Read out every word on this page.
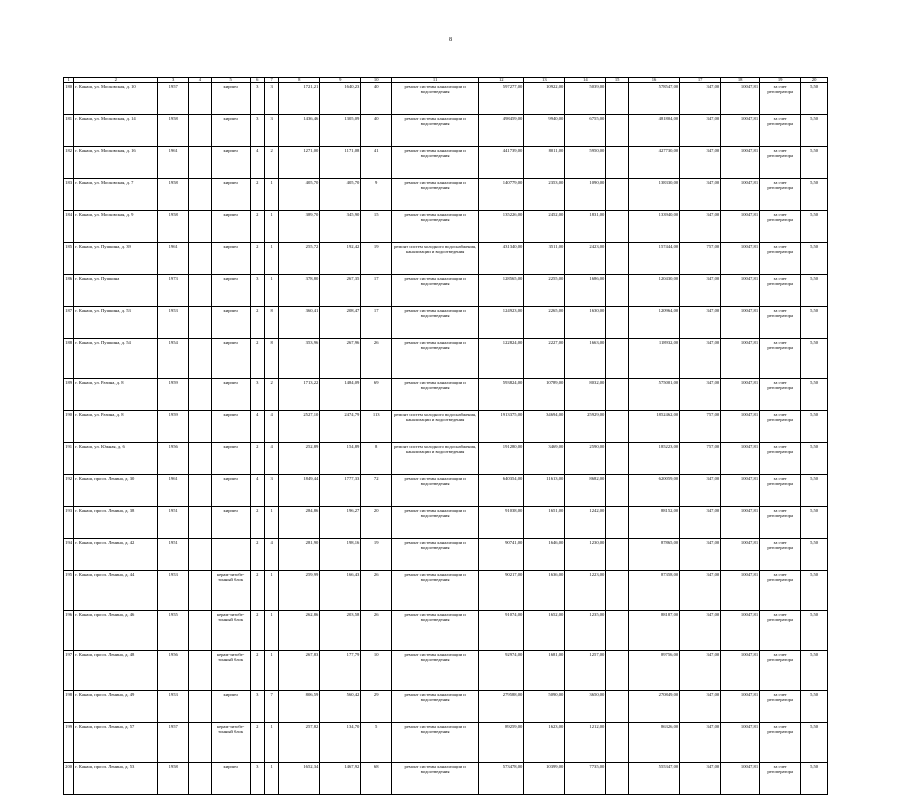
8
1	2	3	4	5	6	7	8	9	10	11	12	13	14	15	16	17	18	19	20
180	г. Канаш, ул. Московская, д. 10	1957		кирпич	3	3	1721,21	1640,23	40	ремонт системы канализации и водоотведения	597277,00	10922,00	5039,00		578547,00	347,00	10047,81	за счет регоператора	5,50
181	г. Канаш, ул. Московская, д. 14	1958		кирпич	3	3	1436,46	1305,09	40	ремонт системы канализации и водоотведения	498459,00	9940,00	6755,00		481804,00	347,00	10047,81	за счет регоператора	5,50
182	г. Канаш, ул. Московская, д. 16	1961		кирпич	4	2	1271,00	1171,08	41	ремонт системы канализации и водоотведения	441739,00	8011,00	5950,00		427730,00	347,00	10047,81	за счет регоператора	5,50
183	г. Канаш, ул. Московская, д. 7	1958		кирпич	2	1	405,70	405,70	9	ремонт системы канализации и водоотведения	140779,00	2353,00	1090,00		138330,00	347,00	10047,81	за счет регоператора	5,50
184	г. Канаш, ул. Московская, д. 9	1958		кирпич	2	1	389,70	345,90	15	ремонт системы канализации и водоотведения	135226,00	2452,00	1831,00		133940,00	347,00	10047,81	за счет регоператора	5,50
185	г. Канаш, ул. Пушкина, д. 39	1961		кирпич	2	1	255,72	192,42	19	ремонт систем холодного водоснабжения, канализации и водоотведения	431340,00	3511,00	2423,00		157444,00	757,00	10047,81	за счет регоператора	5,50
186	г. Канаш, ул. Пушкина	1973		кирпич	3	1	378,80	267,35	17	ремонт системы канализации и водоотведения	128565,00	2255,00	1686,00		120430,00	347,00	10047,81	за счет регоператора	5,50
187	г. Канаш, ул. Пушкина, д. 53	1953		кирпич	2	8	360,41	208,47	17	ремонт системы канализации и водоотведения	124923,00	2265,00	1630,00		120964,00	347,00	10047,81	за счет регоператора	5,50
188	г. Канаш, ул. Пушкина, д. 54	1954		кирпич	2	8	353,96	267,96	26	ремонт системы канализации и водоотведения	122824,00	2227,00	1663,00		118932,00	347,00	10047,81	за счет регоператора	5,50
189	г. Канаш, ул. Разина, д. 8	1959		кирпич	3	2	1713,22	1484,09	69	ремонт системы канализации и водоотведения	593824,00	10789,00	8032,00		575001,00	347,00	10047,81	за счет регоператора	5,50
190	г. Канаш, ул. Разина, д. 8	1959		кирпич	4	4	2527,10	2474,79	113	ремонт систем холодного водоснабжения, канализации и водоотведения	1913375,00	34694,00	25929,00		1852462,00	757,00	10047,81	за счет регоператора	5,50
191	г. Канаш, ул. Южная, д. 6	1956		кирпич	2	4	252,89	154,89	8	ремонт систем холодного водоснабжения, канализации и водоотведения	191280,00	3469,00	2590,00		185223,00	757,00	10047,81	за счет регоператора	5,50
192	г. Канаш, просп. Ленина, д. 30	1961		кирпич	4	3	1849,44	1777,33	72	ремонт системы канализации и водоотведения	640354,00	11613,00	8682,00		620059,00	347,00	10047,81	за счет регоператора	5,50
193	г. Канаш, просп. Ленина, д. 38	1951		кирпич	2	1	284,86	196,27	20	ремонт системы канализации и водоотведения	91038,00	1651,00	1242,00		88152,00	347,00	10047,81	за счет регоператора	5,50
194	г. Канаш, просп. Ленина, д. 42	1951			2	4	281,90	198,16	19	ремонт системы канализации и водоотведения	90741,00	1646,00	1230,00		87865,00	347,00	10047,81	за счет регоператора	5,50
195	г. Канаш, просп. Ленина, д. 44	1953		керам-зитобе-тонный блок	2	1	259,99	166,43	26	ремонт системы канализации и водоотведения	90217,00	1636,00	1223,00		87358,00	347,00	10047,81	за счет регоператора	5,50
196	г. Канаш, просп. Ленина, д. 46	1955		керам-зитобе-тонный блок	2	1	262,86	203,58	26	ремонт системы канализации и водоотведения	91074,00	1652,00	1235,00		88187,00	347,00	10047,81	за счет регоператора	5,50
197	г. Канаш, просп. Ленина, д. 48	1956		керам-зитобе-тонный блок	2	1	267,83	177,79	10	ремонт системы канализации и водоотведения	92974,00	1681,00	1257,00		89756,00	347,00	10047,81	за счет регоператора	5,50
198	г. Канаш, просп. Ленина, д. 49	1953		кирпич	3	7	806,59	560,42	29	ремонт системы канализации и водоотведения	279588,00	5090,00	3650,00		270849,00	347,00	10047,81	за счет регоператора	5,50
199	г. Канаш, просп. Ленина, д. 57	1957		керам-зитобе-тонный блок	2	1	257,82	134,70	5	ремонт системы канализации и водоотведения	89259,00	1623,00	1212,00		86326,00	347,00	10047,81	за счет регоператора	5,50
200	г. Канаш, просп. Ленина, д. 53	1958		кирпич	3	1	1652,34	1467,92	68	ремонт системы канализации и водоотведения	573478,00	10399,00	7735,00		555347,00	347,00	10047,81	за счет регоператора	5,50
